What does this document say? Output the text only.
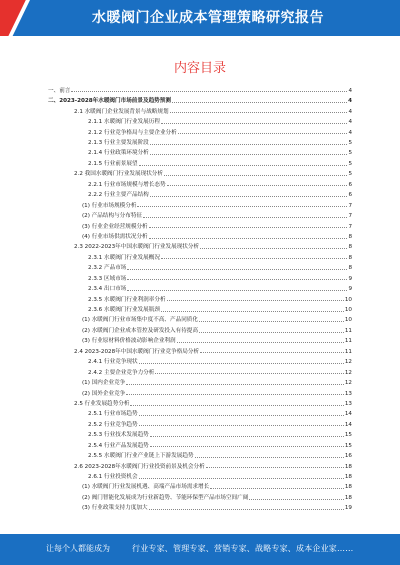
水暖阀门企业成本管理策略研究报告
内容目录
一、前言	4
二、2023-2028年水暖阀门市场前景及趋势预测	4
2.1 水暖阀门企业发展背景与战略规划	4
2.1.1 水暖阀门行业发展历程	4
2.1.2 行业竞争格局与主要企业分析	4
2.1.3 行业主要发展阶段	5
2.1.4 行业政策环境分析	5
2.1.5 行业前景展望	5
2.2 我国水暖阀门行业发展现状分析	5
2.2.1 行业市场规模与增长态势	6
2.2.2 行业主要产品结构	6
(1) 行业市场规模分析	7
(2) 产品结构与分布特征	7
(3) 行业企业经营规模分析	7
(4) 行业市场供需状况分析	8
2.3 2022-2023年中国水暖阀门行业发展现状分析	8
2.3.1 水暖阀门行业发展概况	8
2.3.2 产品市场	8
2.3.3 区域市场	9
2.3.4 出口市场	9
2.3.5 水暖阀门行业利润率分析	10
2.3.6 水暖阀门行业发展瓶颈	10
(1) 水暖阀门行业市场集中度不高、产品同质化	10
(2) 水暖阀门企业成本管控及研发投入有待提高	11
(3) 行业原材料价格波动影响企业利润	11
2.4 2023-2028年中国水暖阀门行业竞争格局分析	11
2.4.1 行业竞争现状	12
2.4.2 主要企业竞争力分析	12
(1) 国内企业竞争	12
(2) 国外企业竞争	13
2.5 行业发展趋势分析	13
2.5.1 行业市场趋势	14
2.5.2 行业竞争趋势	14
2.5.3 行业技术发展趋势	15
2.5.4 行业产品发展趋势	15
2.5.5 水暖阀门行业产业链上下游发展趋势	16
2.6 2023-2028年水暖阀门行业投资前景及机会分析	18
2.6.1 行业投资机会	18
(1) 水暖阀门行业发展机遇、高端产品市场需求增长	18
(2) 阀门智能化发展成为行业新趋势、节能环保型产品市场空间广阔	18
(3) 行业政策支持力度加大	19
让每个人都能成为	行业专家、管理专家、营销专家、战略专家、成本企业家……
